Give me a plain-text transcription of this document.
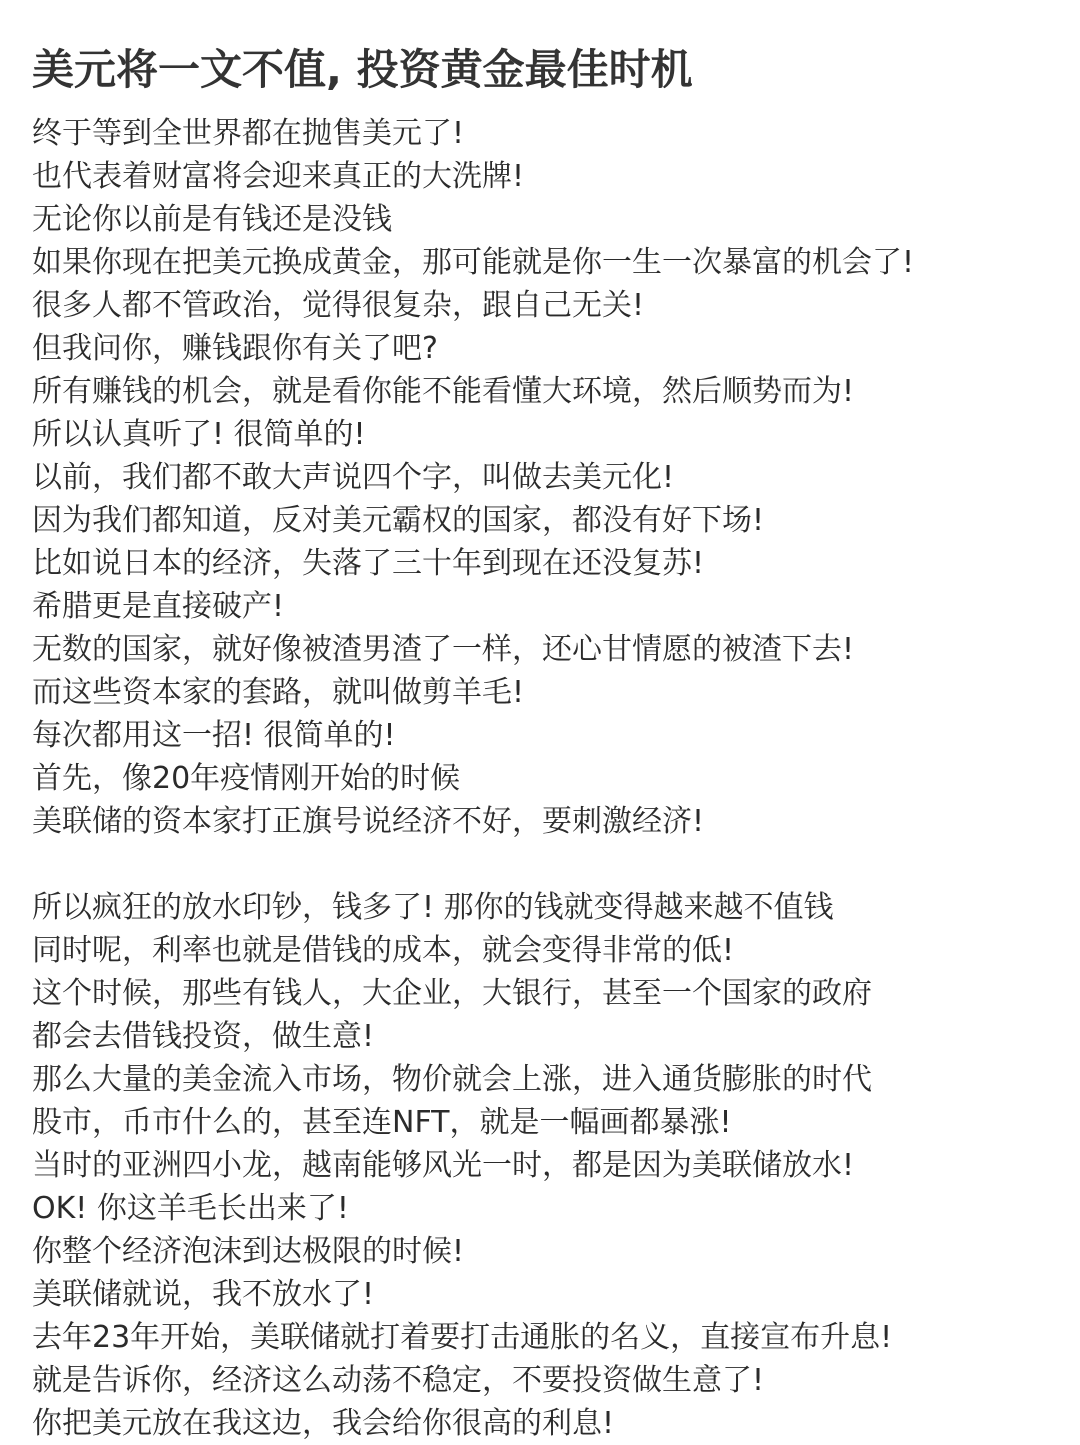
美元将一文不值, 投资黄金最佳时机
终于等到全世界都在抛售美元了!
也代表着财富将会迎来真正的大洗牌!
无论你以前是有钱还是没钱
如果你现在把美元换成黄金，那可能就是你一生一次暴富的机会了!
很多人都不管政治，觉得很复杂，跟自己无关!
但我问你，赚钱跟你有关了吧?
所有赚钱的机会，就是看你能不能看懂大环境，然后顺势而为!
所以认真听了! 很简单的!
以前，我们都不敢大声说四个字，叫做去美元化!
因为我们都知道，反对美元霸权的国家，都没有好下场!
比如说日本的经济，失落了三十年到现在还没复苏!
希腊更是直接破产!
无数的国家，就好像被渣男渣了一样，还心甘情愿的被渣下去!
而这些资本家的套路，就叫做剪羊毛!
每次都用这一招! 很简单的!
首先，像20年疫情刚开始的时候
美联储的资本家打正旗号说经济不好，要刺激经济!
所以疯狂的放水印钞，钱多了! 那你的钱就变得越来越不值钱
同时呢，利率也就是借钱的成本，就会变得非常的低!
这个时候，那些有钱人，大企业，大银行，甚至一个国家的政府
都会去借钱投资，做生意!
那么大量的美金流入市场，物价就会上涨，进入通货膨胀的时代
股市，币市什么的，甚至连NFT，就是一幅画都暴涨!
当时的亚洲四小龙，越南能够风光一时，都是因为美联储放水!
OK! 你这羊毛长出来了!
你整个经济泡沫到达极限的时候!
美联储就说，我不放水了!
去年23年开始，美联储就打着要打击通胀的名义，直接宣布升息!
就是告诉你，经济这么动荡不稳定，不要投资做生意了!
你把美元放在我这边，我会给你很高的利息!
